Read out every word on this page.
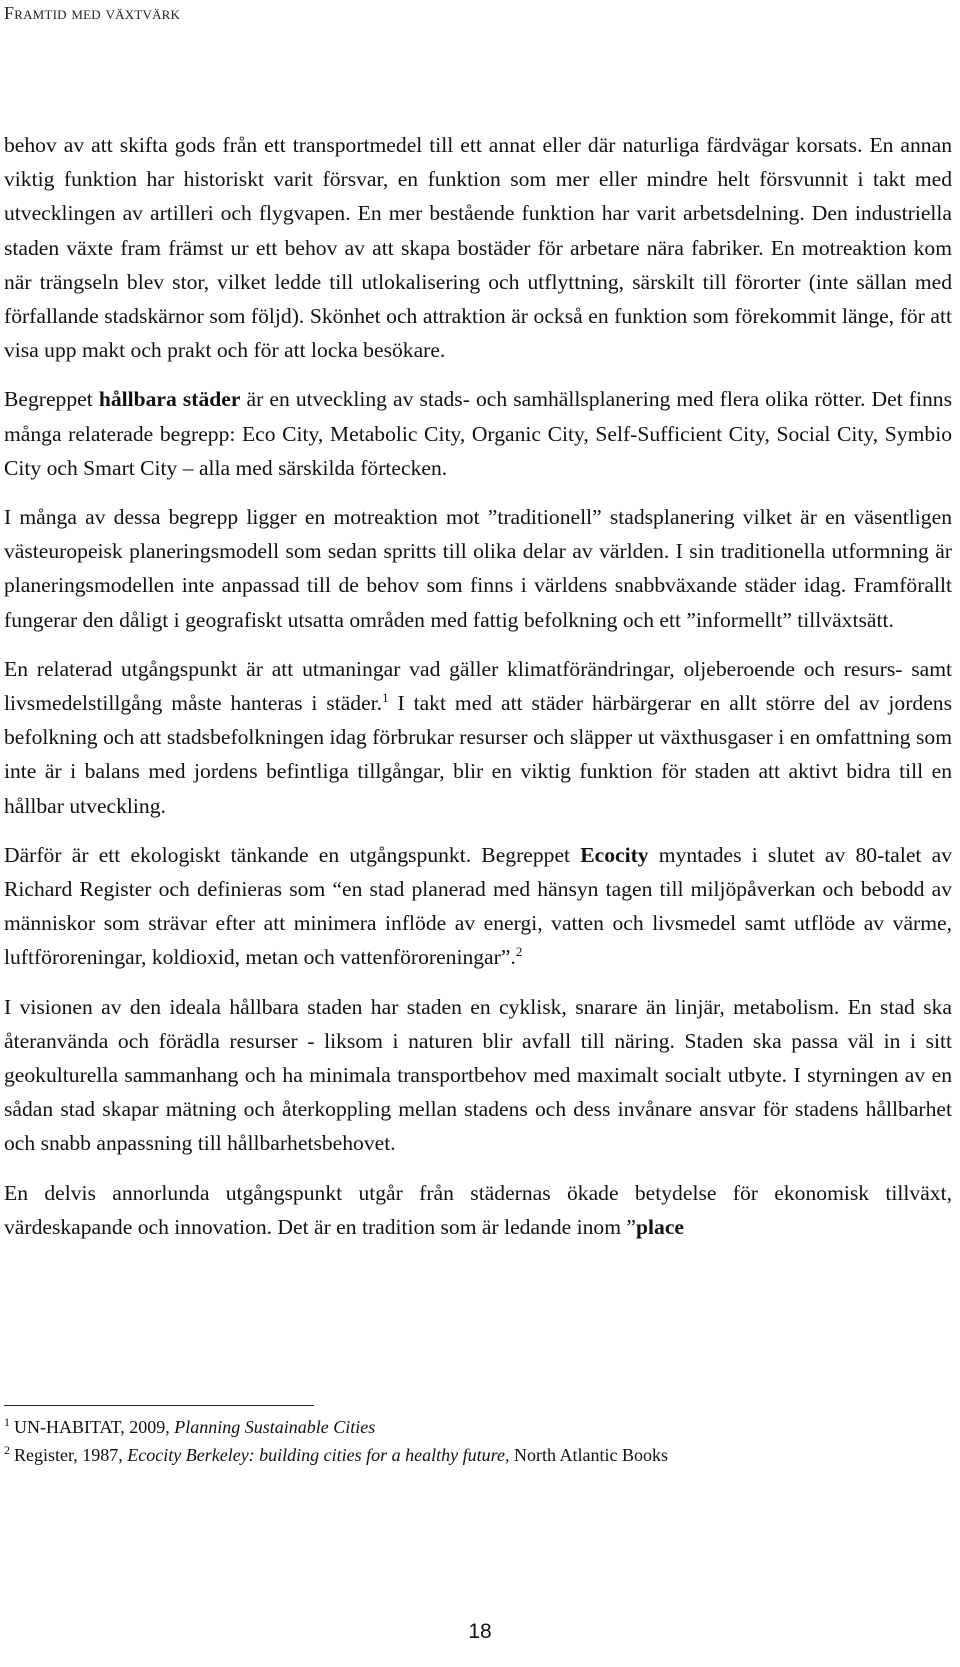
Framtid med växtvärk

behov av att skifta gods från ett transportmedel till ett annat eller där naturliga färdvägar korsats. En annan viktig funktion har historiskt varit försvar, en funktion som mer eller mindre helt försvunnit i takt med utvecklingen av artilleri och flygvapen. En mer bestående funktion har varit arbetsdelning. Den industriella staden växte fram främst ur ett behov av att skapa bostäder för arbetare nära fabriker. En motreaktion kom när trängseln blev stor, vilket ledde till utlokalisering och utflyttning, särskilt till förorter (inte sällan med förfallande stadskärnor som följd). Skönhet och attraktion är också en funktion som förekommit länge, för att visa upp makt och prakt och för att locka besökare.

Begreppet hållbara städer är en utveckling av stads- och samhällsplanering med flera olika rötter. Det finns många relaterade begrepp: Eco City, Metabolic City, Organic City, Self-Sufficient City, Social City, Symbio City och Smart City – alla med särskilda förtecken.

I många av dessa begrepp ligger en motreaktion mot ”traditionell” stadsplanering vilket är en väsentligen västeuropeisk planeringsmodell som sedan spritts till olika delar av världen. I sin traditionella utformning är planeringsmodellen inte anpassad till de behov som finns i världens snabbväxande städer idag. Framförallt fungerar den dåligt i geografiskt utsatta områden med fattig befolkning och ett ”informellt” tillväxtsätt.

En relaterad utgångspunkt är att utmaningar vad gäller klimatförändringar, oljeberoende och resurs- samt livsmedelstillgång måste hanteras i städer.$^1$ I takt med att städer härbärgerar en allt större del av jordens befolkning och att stadsbefolkningen idag förbrukar resurser och släpper ut växthusgaser i en omfattning som inte är i balans med jordens befintliga tillgångar, blir en viktig funktion för staden att aktivt bidra till en hållbar utveckling.

Därför är ett ekologiskt tänkande en utgångspunkt. Begreppet Ecocity myntades i slutet av 80-talet av Richard Register och definieras som “en stad planerad med hänsyn tagen till miljöpåverkan och bebodd av människor som strävar efter att minimera inflöde av energi, vatten och livsmedel samt utflöde av värme, luftföroreningar, koldioxid, metan och vattenföroreningar”.$^2$

I visionen av den ideala hållbara staden har staden en cyklisk, snarare än linjär, metabolism. En stad ska återanvända och förädla resurser - liksom i naturen blir avfall till näring. Staden ska passa väl in i sitt geokulturella sammanhang och ha minimala transportbehov med maximalt socialt utbyte. I styrningen av en sådan stad skapar mätning och återkoppling mellan stadens och dess invånare ansvar för stadens hållbarhet och snabb anpassning till hållbarhetsbehovet.

En delvis annorlunda utgångspunkt utgår från städernas ökade betydelse för ekonomisk tillväxt, värdeskapande och innovation. Det är en tradition som är ledande inom ”place

$^1$ UN-HABITAT, 2009, Planning Sustainable Cities
$^2$ Register, 1987, Ecocity Berkeley: building cities for a healthy future, North Atlantic Books
18
